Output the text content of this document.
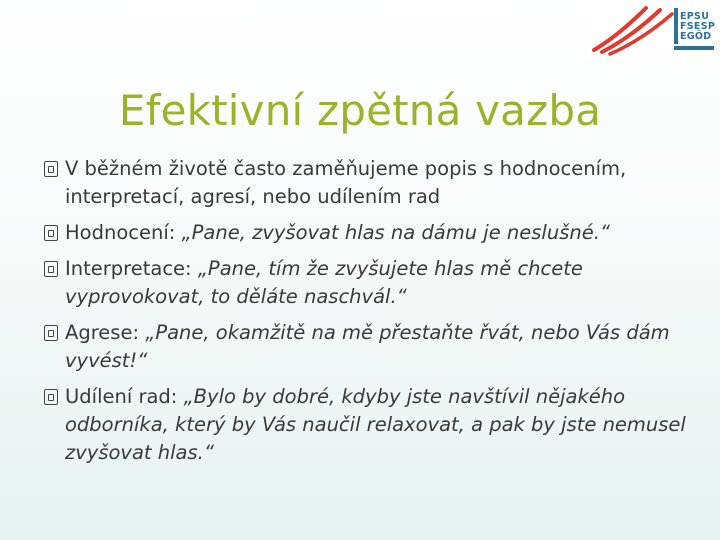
EPSU
FSESP
EGÖD
Efektivní zpětná vazba
V běžném životě často zaměňujeme popis s hodnocením, interpretací, agresí, nebo udílením rad
Hodnocení: „Pane, zvyšovat hlas na dámu je neslušné.“
Interpretace: „Pane, tím že zvyšujete hlas mě chcete vyprovokovat, to děláte naschvál.“
Agrese: „Pane, okamžitě na mě přestaňte řvát, nebo Vás dám vyvést!“
Udílení rad: „Bylo by dobré, kdyby jste navštívil nějakého odborníka, který by Vás naučil relaxovat, a pak by jste nemusel zvyšovat hlas.“
